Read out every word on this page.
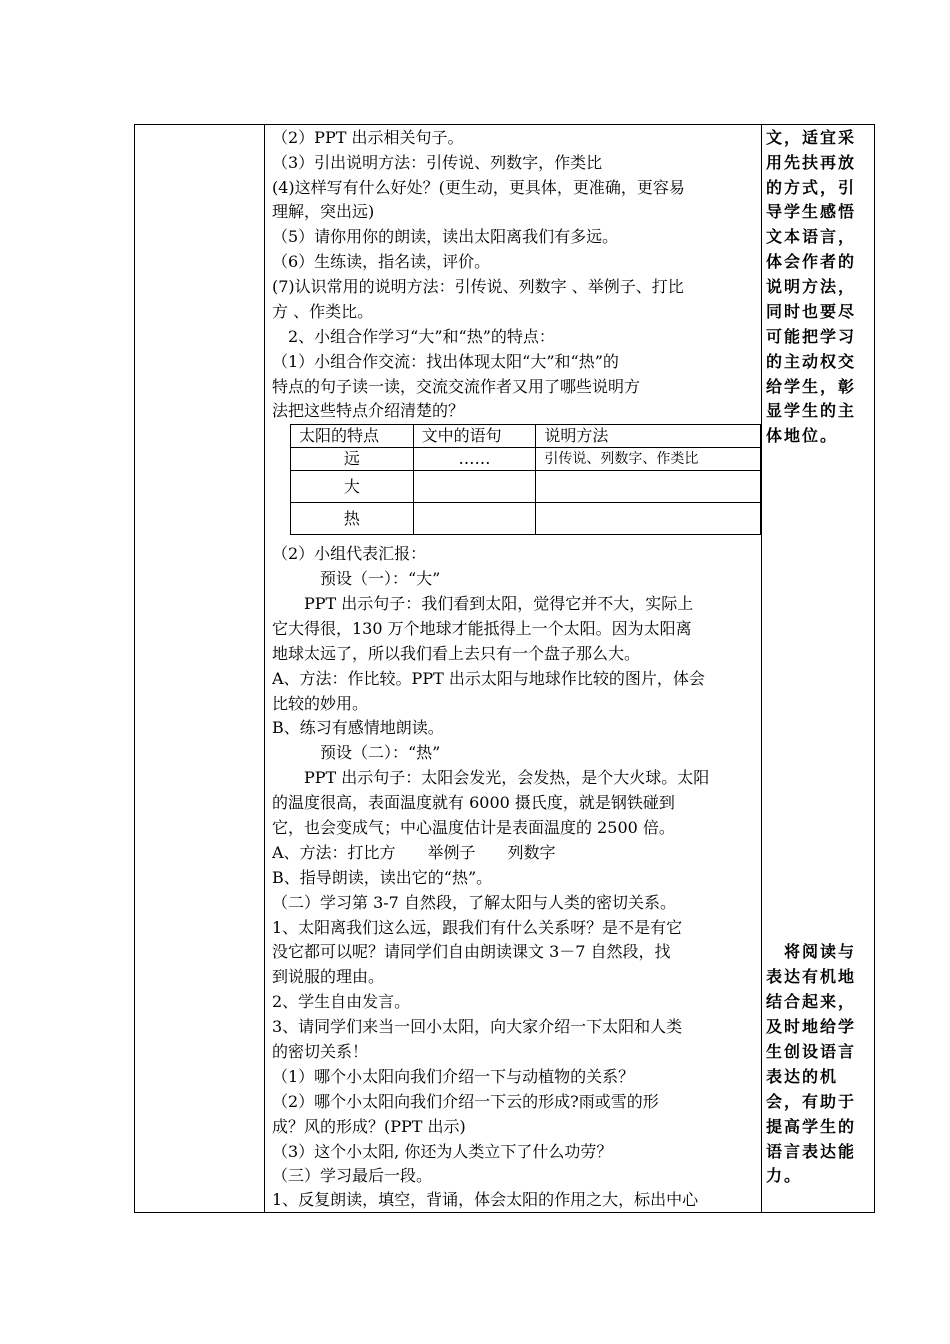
（2）PPT 出示相关句子。
（3）引出说明方法：引传说、列数字，作类比
(4)这样写有什么好处？(更生动，更具体，更准确，更容易
理解，突出远)
（5）请你用你的朗读，读出太阳离我们有多远。
（6）生练读，指名读，评价。
(7)认识常用的说明方法：引传说、列数字 、举例子、打比
方 、作类比。
　2、小组合作学习“大”和“热”的特点：
（1）小组合作交流：找出体现太阳“大”和“热”的
特点的句子读一读，交流交流作者又用了哪些说明方
法把这些特点介绍清楚的？
（2）小组代表汇报：
　　　预设（一）：“大”
　　PPT 出示句子：我们看到太阳，觉得它并不大，实际上
它大得很，130 万个地球才能抵得上一个太阳。因为太阳离
地球太远了，所以我们看上去只有一个盘子那么大。
A、方法：作比较。PPT 出示太阳与地球作比较的图片，体会
比较的妙用。
B、练习有感情地朗读。
　　　预设（二）：“热”
　　PPT 出示句子：太阳会发光，会发热，是个大火球。太阳
的温度很高，表面温度就有 6000 摄氏度，就是钢铁碰到
它，也会变成气；中心温度估计是表面温度的 2500 倍。
A、方法：打比方　　举例子　　列数字
B、指导朗读，读出它的“热”。
（二）学习第 3-7 自然段，了解太阳与人类的密切关系。
1、太阳离我们这么远，跟我们有什么关系呀？是不是有它
没它都可以呢？请同学们自由朗读课文 3－7 自然段，找
到说服的理由。
2、学生自由发言。
3、请同学们来当一回小太阳，向大家介绍一下太阳和人类
的密切关系！
（1）哪个小太阳向我们介绍一下与动植物的关系？
（2）哪个小太阳向我们介绍一下云的形成?雨或雪的形
成？风的形成？(PPT 出示)
（3）这个小太阳, 你还为人类立下了什么功劳？
（三）学习最后一段。
1、反复朗读，填空，背诵，体会太阳的作用之大，标出中心
太阳的特点	文中的语句	说明方法
远	……	引传说、列数字、作类比
大		
热		
文，适宜采
用先扶再放
的方式，引
导学生感悟
文本语言，
体会作者的
说明方法，
同时也要尽
可能把学习
的主动权交
给学生，彰
显学生的主
体地位。
　将阅读与
表达有机地
结合起来，
及时地给学
生创设语言
表达的机
会，有助于
提高学生的
语言表达能
力。
